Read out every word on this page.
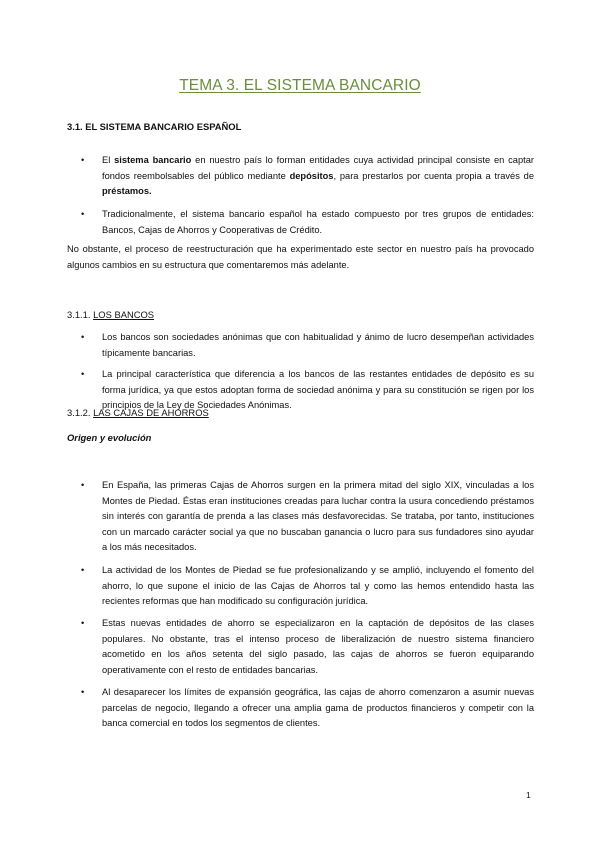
TEMA 3. EL SISTEMA BANCARIO
3.1. EL SISTEMA BANCARIO ESPAÑOL
• El sistema bancario en nuestro país lo forman entidades cuya actividad principal consiste en captar fondos reembolsables del público mediante depósitos, para prestarlos por cuenta propia a través de préstamos.
• Tradicionalmente, el sistema bancario español ha estado compuesto por tres grupos de entidades: Bancos, Cajas de Ahorros y Cooperativas de Crédito.
No obstante, el proceso de reestructuración que ha experimentado este sector en nuestro país ha provocado algunos cambios en su estructura que comentaremos más adelante.
3.1.1. LOS BANCOS
• Los bancos son sociedades anónimas que con habitualidad y ánimo de lucro desempeñan actividades típicamente bancarias.
• La principal característica que diferencia a los bancos de las restantes entidades de depósito es su forma jurídica, ya que estos adoptan forma de sociedad anónima y para su constitución se rigen por los principios de la Ley de Sociedades Anónimas.
3.1.2. LAS CAJAS DE AHORROS
Origen y evolución
• En España, las primeras Cajas de Ahorros surgen en la primera mitad del siglo XIX, vinculadas a los Montes de Piedad. Éstas eran instituciones creadas para luchar contra la usura concediendo préstamos sin interés con garantía de prenda a las clases más desfavorecidas. Se trataba, por tanto, instituciones con un marcado carácter social ya que no buscaban ganancia o lucro para sus fundadores sino ayudar a los más necesitados.
• La actividad de los Montes de Piedad se fue profesionalizando y se amplió, incluyendo el fomento del ahorro, lo que supone el inicio de las Cajas de Ahorros tal y como las hemos entendido hasta las recientes reformas que han modificado su configuración jurídica.
• Estas nuevas entidades de ahorro se especializaron en la captación de depósitos de las clases populares. No obstante, tras el intenso proceso de liberalización de nuestro sistema financiero acometido en los años setenta del siglo pasado, las cajas de ahorros se fueron equiparando operativamente con el resto de entidades bancarias.
• Al desaparecer los límites de expansión geográfica, las cajas de ahorro comenzaron a asumir nuevas parcelas de negocio, llegando a ofrecer una amplia gama de productos financieros y competir con la banca comercial en todos los segmentos de clientes.
1
